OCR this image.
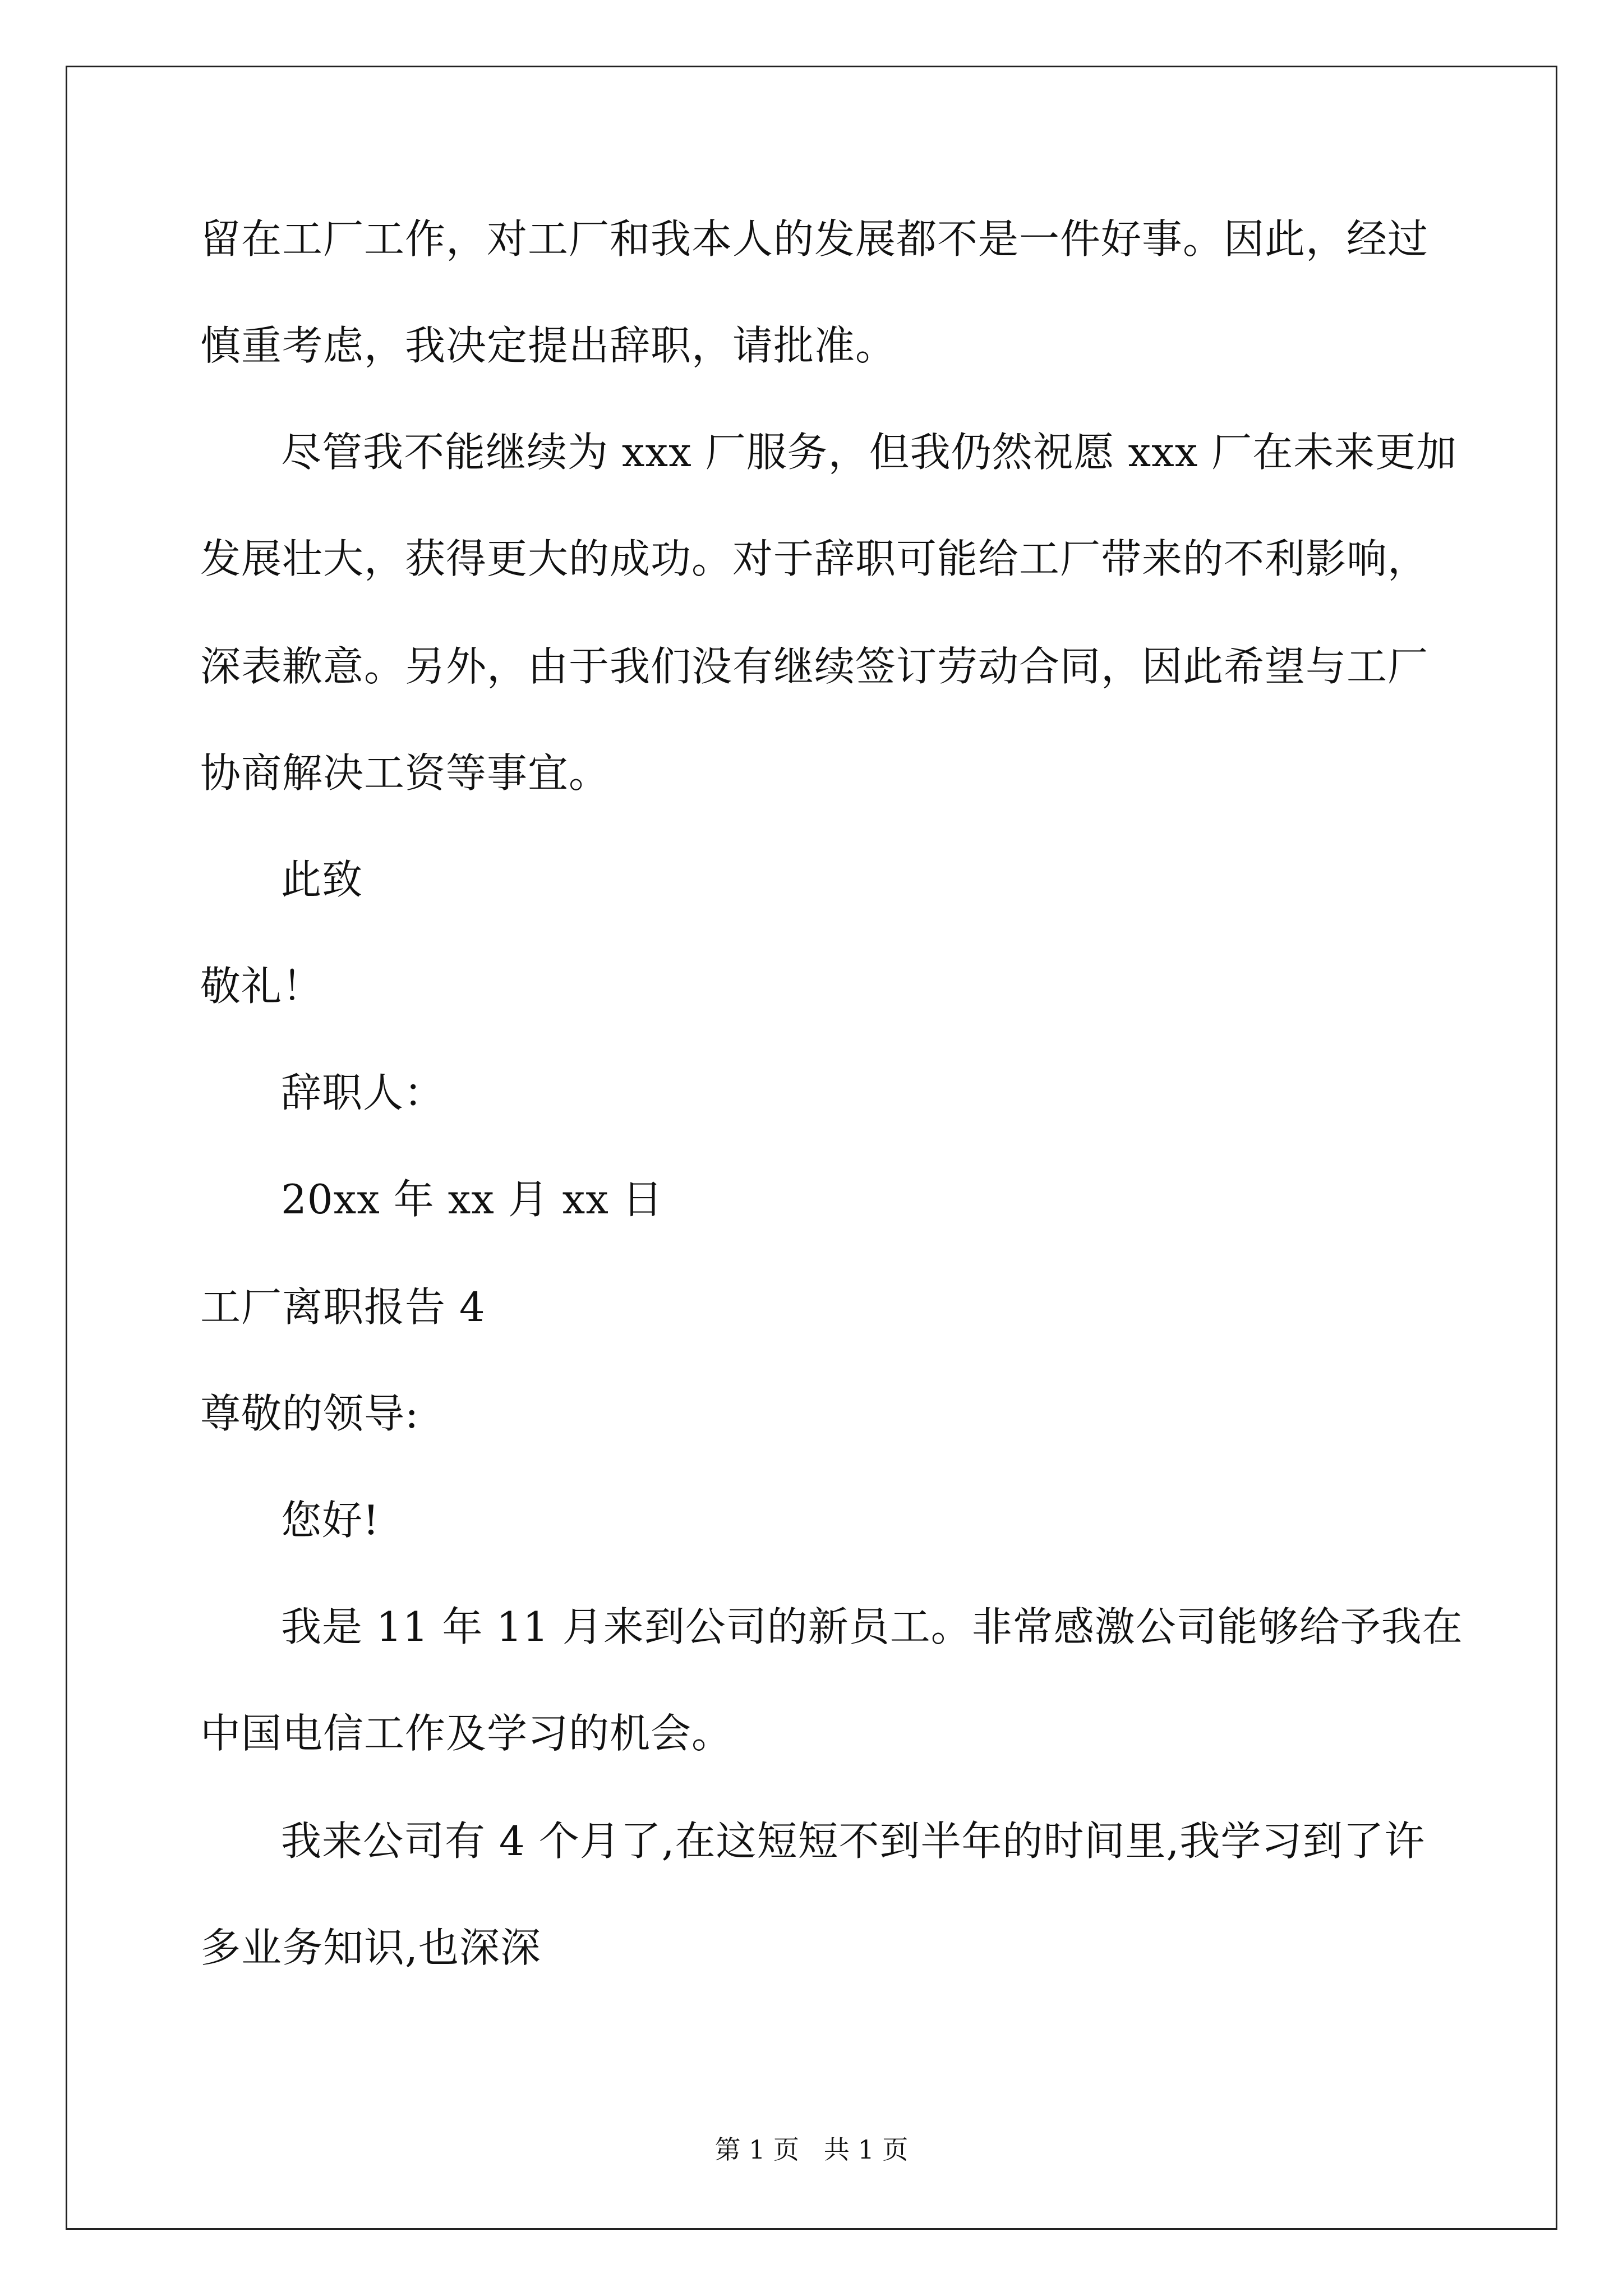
留在工厂工作，对工厂和我本人的发展都不是一件好事。因此，经过
慎重考虑，我决定提出辞职，请批准。
尽管我不能继续为 xxx 厂服务，但我仍然祝愿 xxx 厂在未来更加
发展壮大，获得更大的成功。对于辞职可能给工厂带来的不利影响，
深表歉意。另外，由于我们没有继续签订劳动合同，因此希望与工厂
协商解决工资等事宜。
此致
敬礼！
辞职人：
20xx 年 xx 月 xx 日
工厂离职报告 4
尊敬的领导:
您好!
我是 11 年 11 月来到公司的新员工。非常感激公司能够给予我在
中国电信工作及学习的机会。
我来公司有 4 个月了,在这短短不到半年的时间里,我学习到了许
多业务知识,也深深
第 1 页   共 1 页
